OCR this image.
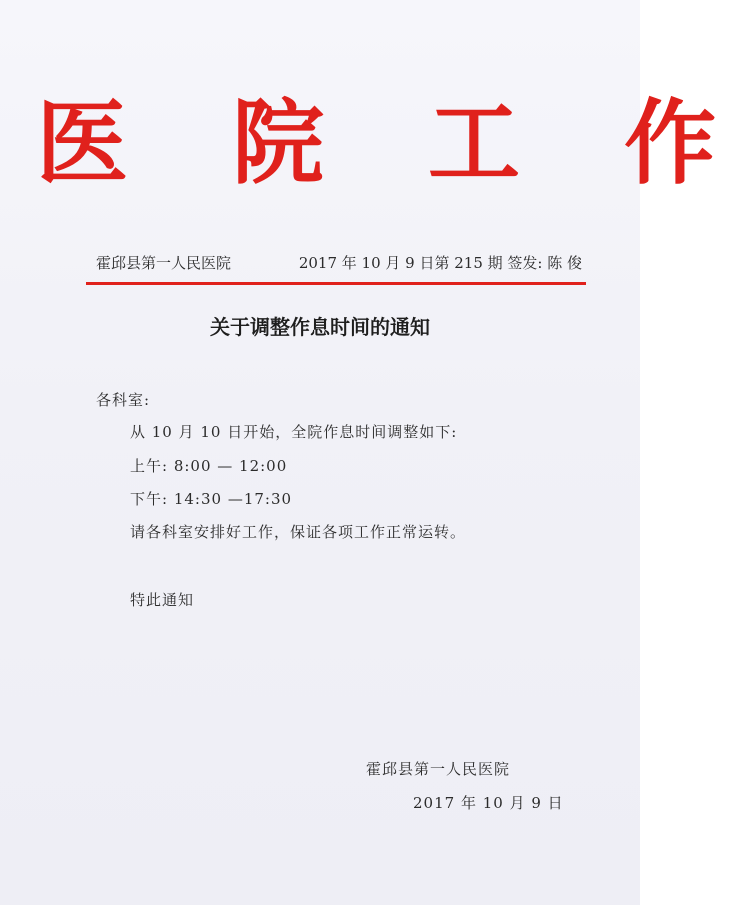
医 院 工 作
霍邱县第一人民医院	2017 年 10 月 9 日第 215 期 签发: 陈 俊
关于调整作息时间的通知
各科室:
从 10 月 10 日开始，全院作息时间调整如下:
上午: 8:00 — 12:00
下午: 14:30 —17:30
请各科室安排好工作，保证各项工作正常运转。
特此通知
霍邱县第一人民医院
2017 年 10 月 9 日
